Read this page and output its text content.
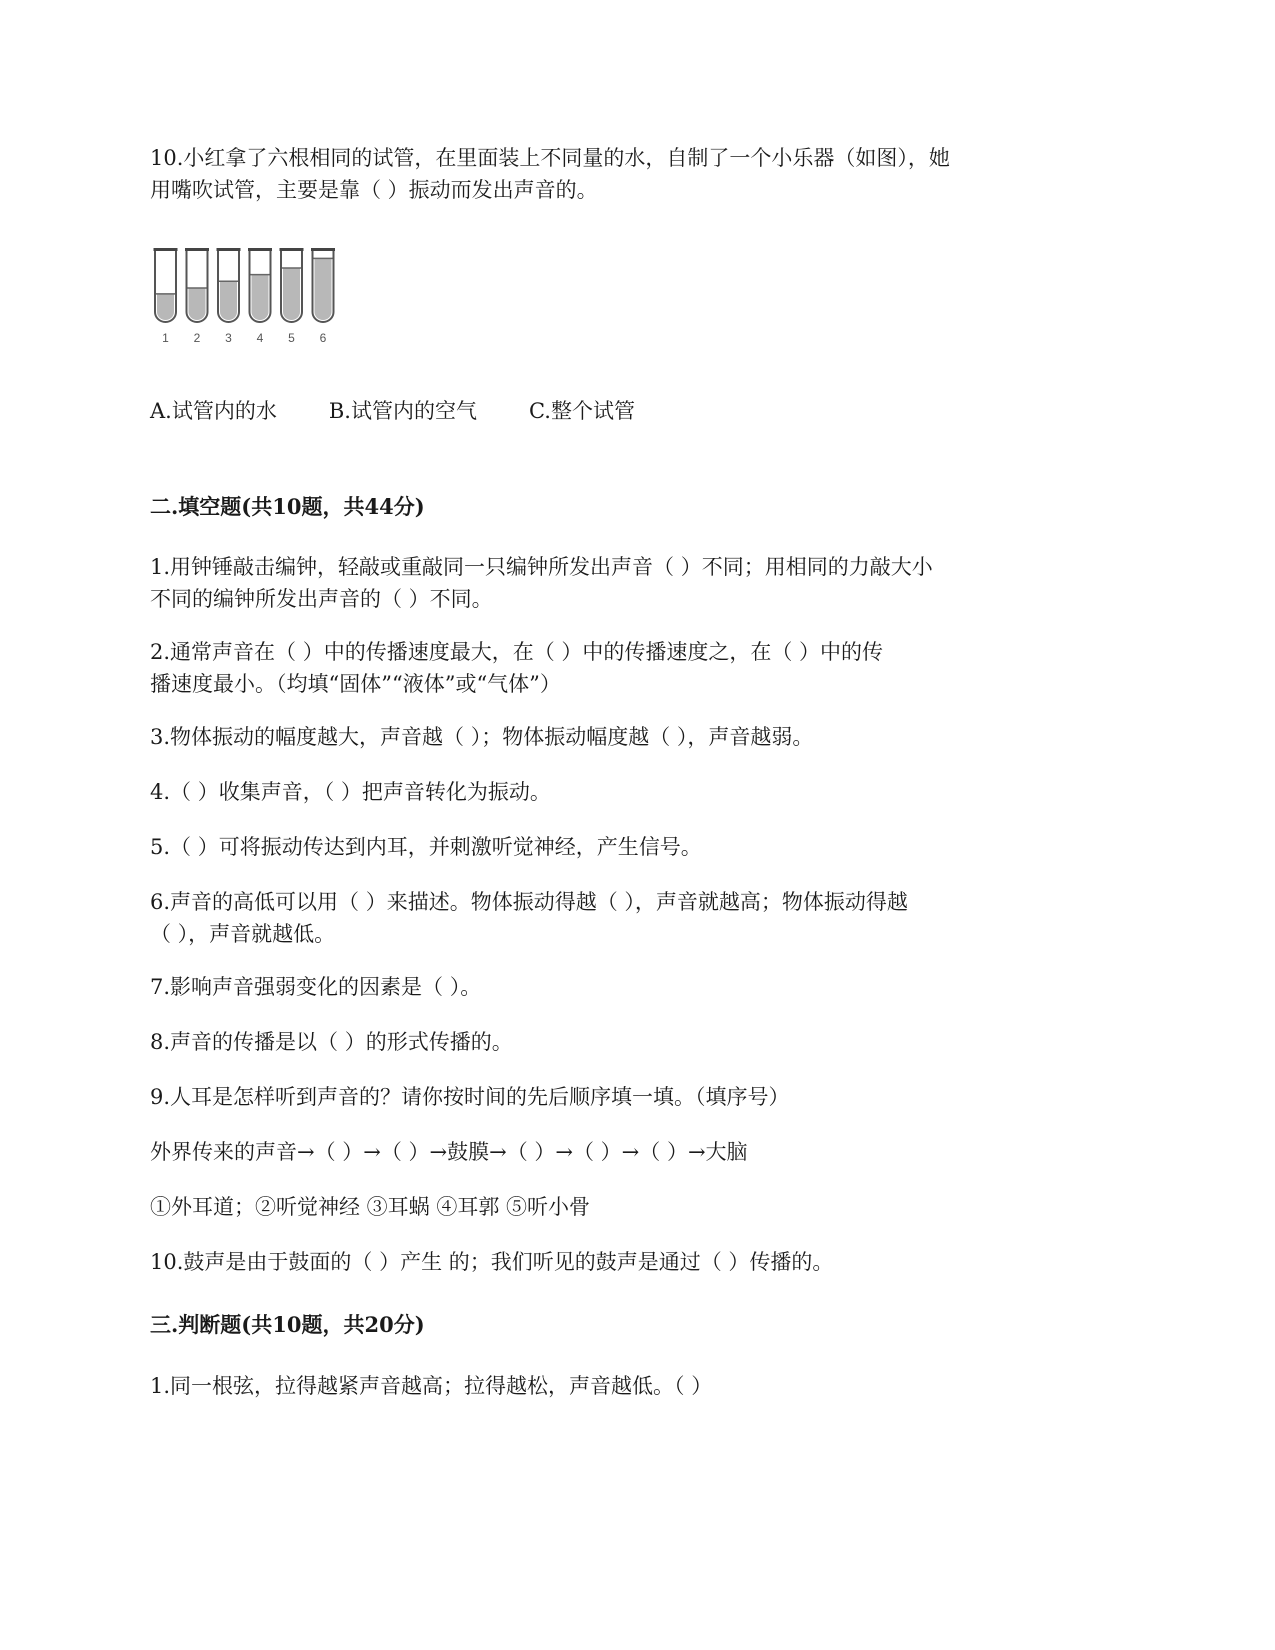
10.小红拿了六根相同的试管，在里面装上不同量的水，自制了一个小乐器（如图），她
用嘴吹试管，主要是靠（ ）振动而发出声音的。
1 2 3 4 5 6
A.试管内的水 B.试管内的空气 C.整个试管
二.填空题(共10题，共44分)
1.用钟锤敲击编钟，轻敲或重敲同一只编钟所发出声音（ ）不同；用相同的力敲大小
不同的编钟所发出声音的（ ）不同。
2.通常声音在（ ）中的传播速度最大，在（ ）中的传播速度之，在（ ）中的传
播速度最小。（均填“固体”“液体”或“气体”）
3.物体振动的幅度越大，声音越（ ）；物体振动幅度越（ ），声音越弱。
4.（ ）收集声音，（ ）把声音转化为振动。
5.（ ）可将振动传达到内耳，并刺激听觉神经，产生信号。
6.声音的高低可以用（ ）来描述。物体振动得越（ ），声音就越高；物体振动得越
（ ），声音就越低。
7.影响声音强弱变化的因素是（ ）。
8.声音的传播是以（ ）的形式传播的。
9.人耳是怎样听到声音的？请你按时间的先后顺序填一填。（填序号）
外界传来的声音→（ ）→（ ）→鼓膜→（ ）→（ ）→（ ）→大脑
①外耳道；②听觉神经 ③耳蜗 ④耳郭 ⑤听小骨
10.鼓声是由于鼓面的（ ）产生 的；我们听见的鼓声是通过（ ）传播的。
三.判断题(共10题，共20分)
1.同一根弦，拉得越紧声音越高；拉得越松，声音越低。（ ）
